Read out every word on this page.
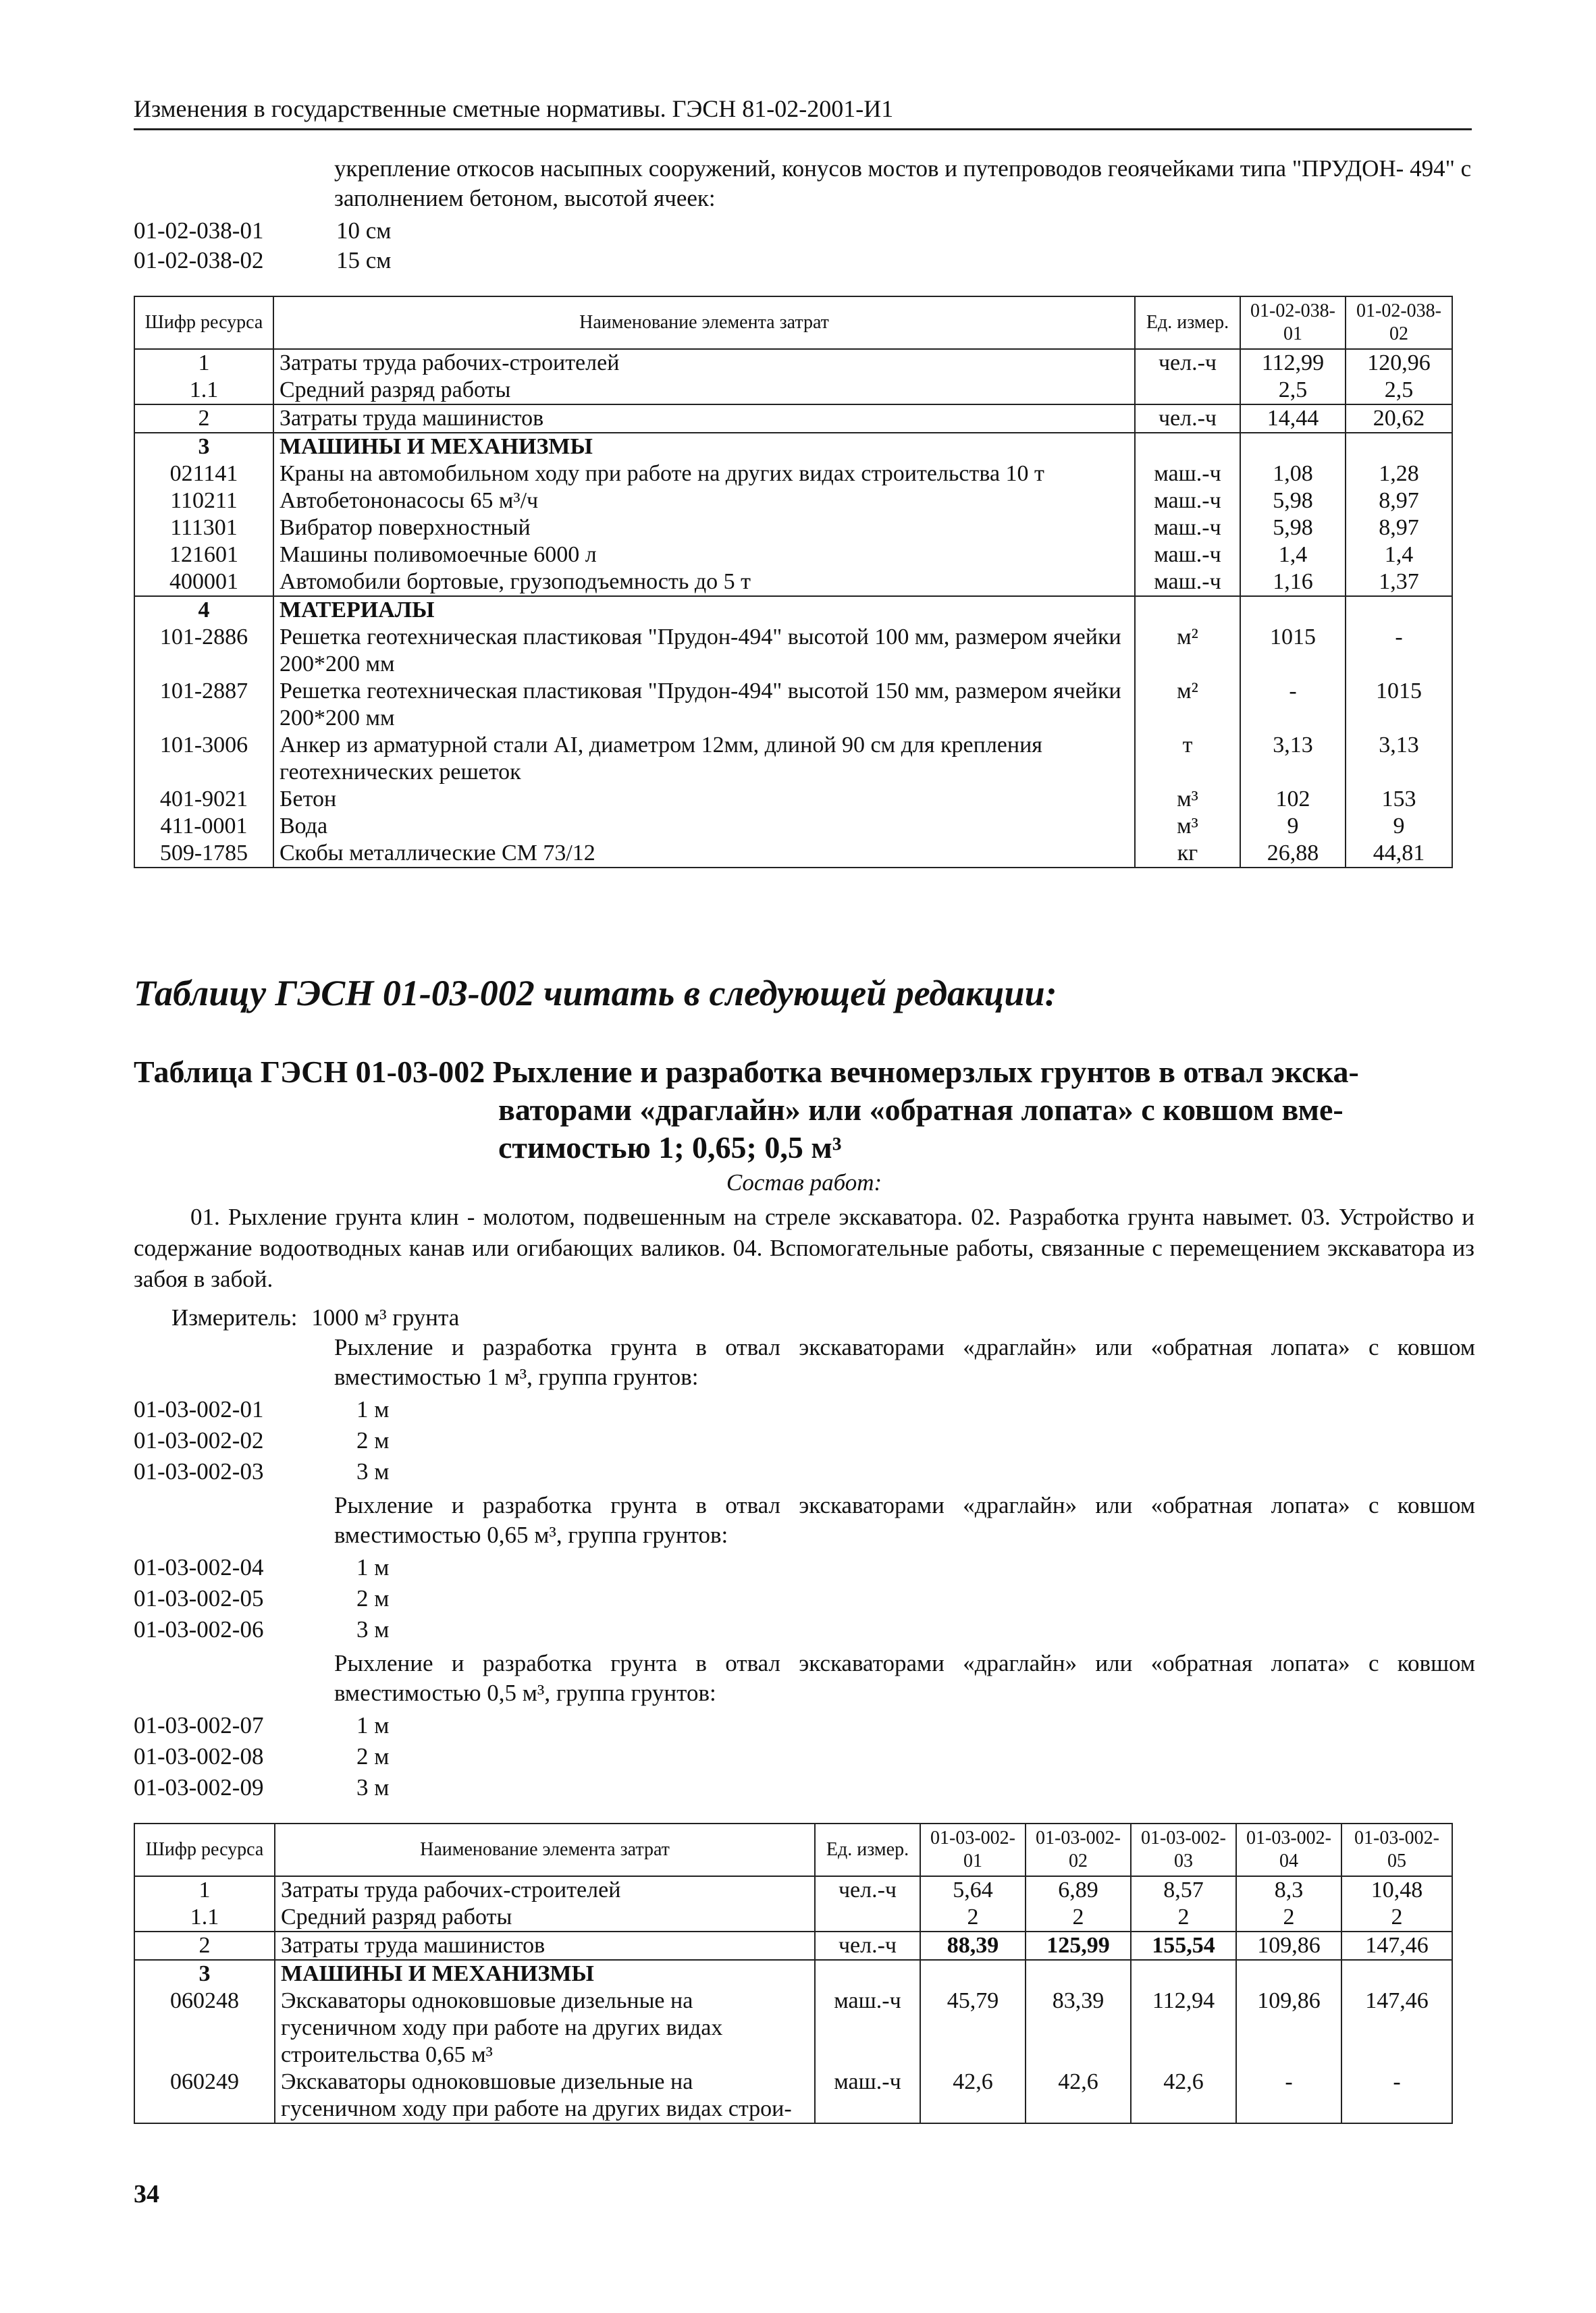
Изменения в государственные сметные нормативы. ГЭСН 81-02-2001-И1
укрепление откосов насыпных сооружений, конусов мостов и путепроводов геоячейками типа "ПРУДОН- 494" с заполнением бетоном, высотой ячеек:
01-02-038-01	10 см
01-02-038-02	15 см
Шифр ресурса	Наименование элемента затрат	Ед. измер.	01-02-038-01	01-02-038-02
1	Затраты труда рабочих-строителей	чел.-ч	112,99	120,96
1.1	Средний разряд работы		2,5	2,5
2	Затраты труда машинистов	чел.-ч	14,44	20,62
3	МАШИНЫ И МЕХАНИЗМЫ			
021141	Краны на автомобильном ходу при работе на других видах строительства 10 т	маш.-ч	1,08	1,28
110211	Автобетононасосы 65 м³/ч	маш.-ч	5,98	8,97
111301	Вибратор поверхностный	маш.-ч	5,98	8,97
121601	Машины поливомоечные 6000 л	маш.-ч	1,4	1,4
400001	Автомобили бортовые, грузоподъемность до 5 т	маш.-ч	1,16	1,37
4	МАТЕРИАЛЫ			
101-2886	Решетка геотехническая пластиковая "Прудон-494" высотой 100 мм, размером ячейки 200*200 мм	м²	1015	-
101-2887	Решетка геотехническая пластиковая "Прудон-494" высотой 150 мм, размером ячейки 200*200 мм	м²	-	1015
101-3006	Анкер из арматурной стали AI, диаметром 12мм, длиной 90 см для крепления геотехнических решеток	т	3,13	3,13
401-9021	Бетон	м³	102	153
411-0001	Вода	м³	9	9
509-1785	Скобы металлические СМ 73/12	кг	26,88	44,81
Таблицу ГЭСН 01-03-002 читать в следующей редакции:
Таблица ГЭСН 01-03-002 Рыхление и разработка вечномерзлых грунтов в отвал экска-
ваторами «драглайн» или «обратная лопата» с ковшом вме-
стимостью 1; 0,65; 0,5 м³
Состав работ:
01. Рыхление грунта клин - молотом, подвешенным на стреле экскаватора. 02. Разработка грунта навымет. 03. Устройство и содержание водоотводных канав или огибающих валиков. 04. Вспомогательные работы, связанные с перемещением экскаватора из забоя в забой.
Измеритель: 1000 м³ грунта
Рыхление и разработка грунта в отвал экскаваторами «драглайн» или «обратная лопата» с ковшом вместимостью 1 м³, группа грунтов:
01-03-002-01	1 м
01-03-002-02	2 м
01-03-002-03	3 м
Рыхление и разработка грунта в отвал экскаваторами «драглайн» или «обратная лопата» с ковшом вместимостью 0,65 м³, группа грунтов:
01-03-002-04	1 м
01-03-002-05	2 м
01-03-002-06	3 м
Рыхление и разработка грунта в отвал экскаваторами «драглайн» или «обратная лопата» с ковшом вместимостью 0,5 м³, группа грунтов:
01-03-002-07	1 м
01-03-002-08	2 м
01-03-002-09	3 м
Шифр ресурса	Наименование элемента затрат	Ед. измер.	01-03-002-01	01-03-002-02	01-03-002-03	01-03-002-04	01-03-002-05
1	Затраты труда рабочих-строителей	чел.-ч	5,64	6,89	8,57	8,3	10,48
1.1	Средний разряд работы		2	2	2	2	2
2	Затраты труда машинистов	чел.-ч	88,39	125,99	155,54	109,86	147,46
3	МАШИНЫ И МЕХАНИЗМЫ						
060248	Экскаваторы одноковшовые дизельные на гусеничном ходу при работе на других видах строительства 0,65 м³	маш.-ч	45,79	83,39	112,94	109,86	147,46
060249	Экскаваторы одноковшовые дизельные на гусеничном ходу при работе на других видах строи-	маш.-ч	42,6	42,6	42,6	-	-
34
